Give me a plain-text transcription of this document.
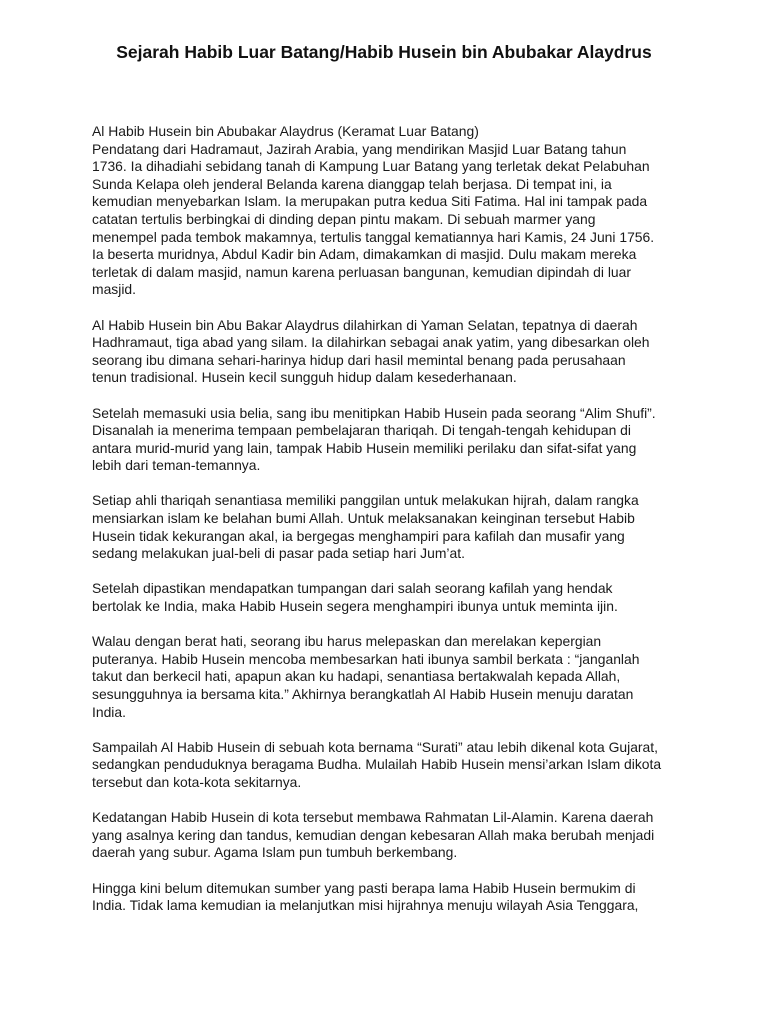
Sejarah Habib Luar Batang/Habib Husein bin Abubakar Alaydrus

Al Habib Husein bin Abubakar Alaydrus (Keramat Luar Batang)
Pendatang dari Hadramaut, Jazirah Arabia, yang mendirikan Masjid Luar Batang tahun
1736. Ia dihadiahi sebidang tanah di Kampung Luar Batang yang terletak dekat Pelabuhan
Sunda Kelapa oleh jenderal Belanda karena dianggap telah berjasa. Di tempat ini, ia
kemudian menyebarkan Islam. Ia merupakan putra kedua Siti Fatima. Hal ini tampak pada
catatan tertulis berbingkai di dinding depan pintu makam. Di sebuah marmer yang
menempel pada tembok makamnya, tertulis tanggal kematiannya hari Kamis, 24 Juni 1756.
Ia beserta muridnya, Abdul Kadir bin Adam, dimakamkan di masjid. Dulu makam mereka
terletak di dalam masjid, namun karena perluasan bangunan, kemudian dipindah di luar
masjid.

Al Habib Husein bin Abu Bakar Alaydrus dilahirkan di Yaman Selatan, tepatnya di daerah
Hadhramaut, tiga abad yang silam. Ia dilahirkan sebagai anak yatim, yang dibesarkan oleh
seorang ibu dimana sehari-harinya hidup dari hasil memintal benang pada perusahaan
tenun tradisional. Husein kecil sungguh hidup dalam kesederhanaan.

Setelah memasuki usia belia, sang ibu menitipkan Habib Husein pada seorang “Alim Shufi”.
Disanalah ia menerima tempaan pembelajaran thariqah. Di tengah-tengah kehidupan di
antara murid-murid yang lain, tampak Habib Husein memiliki perilaku dan sifat-sifat yang
lebih dari teman-temannya.

Setiap ahli thariqah senantiasa memiliki panggilan untuk melakukan hijrah, dalam rangka
mensiarkan islam ke belahan bumi Allah. Untuk melaksanakan keinginan tersebut Habib
Husein tidak kekurangan akal, ia bergegas menghampiri para kafilah dan musafir yang
sedang melakukan jual-beli di pasar pada setiap hari Jum’at.

Setelah dipastikan mendapatkan tumpangan dari salah seorang kafilah yang hendak
bertolak ke India, maka Habib Husein segera menghampiri ibunya untuk meminta ijin.

Walau dengan berat hati, seorang ibu harus melepaskan dan merelakan kepergian
puteranya. Habib Husein mencoba membesarkan hati ibunya sambil berkata : “janganlah
takut dan berkecil hati, apapun akan ku hadapi, senantiasa bertakwalah kepada Allah,
sesungguhnya ia bersama kita.” Akhirnya berangkatlah Al Habib Husein menuju daratan
India.

Sampailah Al Habib Husein di sebuah kota bernama “Surati” atau lebih dikenal kota Gujarat,
sedangkan penduduknya beragama Budha. Mulailah Habib Husein mensi’arkan Islam dikota
tersebut dan kota-kota sekitarnya.

Kedatangan Habib Husein di kota tersebut membawa Rahmatan Lil-Alamin. Karena daerah
yang asalnya kering dan tandus, kemudian dengan kebesaran Allah maka berubah menjadi
daerah yang subur. Agama Islam pun tumbuh berkembang.

Hingga kini belum ditemukan sumber yang pasti berapa lama Habib Husein bermukim di
India. Tidak lama kemudian ia melanjutkan misi hijrahnya menuju wilayah Asia Tenggara,
